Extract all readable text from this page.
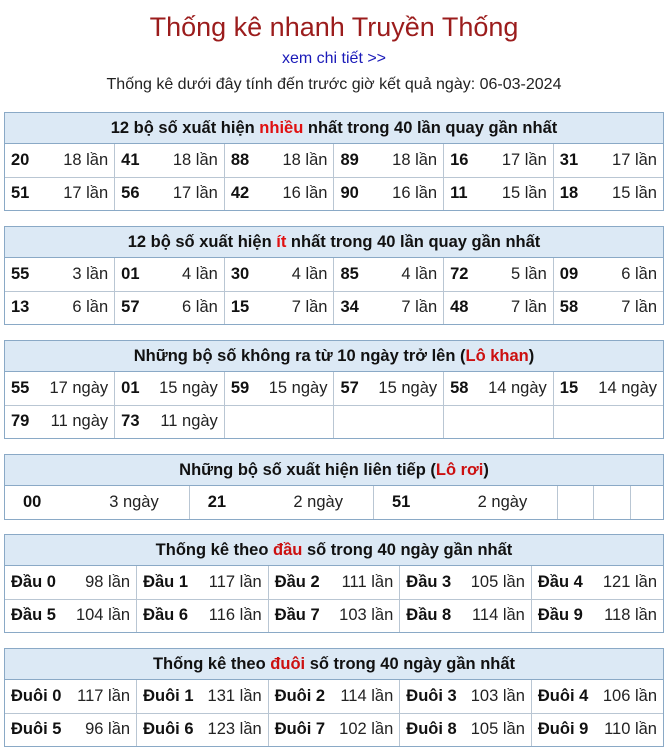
Thống kê nhanh Truyền Thống
xem chi tiết >>
Thống kê dưới đây tính đến trước giờ kết quả ngày: 06-03-2024
12 bộ số xuất hiện nhiều nhất trong 40 lần quay gần nhất
20 18 lần	41 18 lần	88 18 lần	89 18 lần	16 17 lần	31 17 lần

51 17 lần	56 17 lần	42 16 lần	90 16 lần	11 15 lần	18 15 lần
12 bộ số xuất hiện ít nhất trong 40 lần quay gần nhất
55 3 lần	01 4 lần	30 4 lần	85 4 lần	72 5 lần	09 6 lần

13 6 lần	57 6 lần	15 7 lần	34 7 lần	48 7 lần	58 7 lần
Những bộ số không ra từ 10 ngày trở lên (Lô khan)
55 17 ngày	01 15 ngày	59 15 ngày	57 15 ngày	58 14 ngày	15 14 ngày

79 11 ngày	73 11 ngày				

Những bộ số xuất hiện liên tiếp (Lô rơi)
00	3 ngày	21	2 ngày	51	2 ngày

Thống kê theo đầu số trong 40 ngày gần nhất
Đầu 0 98 lần	Đầu 1 117 lần	Đầu 2 111 lần	Đầu 3 105 lần	Đầu 4 121 lần

Đầu 5 104 lần	Đầu 6 116 lần	Đầu 7 103 lần	Đầu 8 114 lần	Đầu 9 118 lần
Thống kê theo đuôi số trong 40 ngày gần nhất
Đuôi 0 117 lần	Đuôi 1 131 lần	Đuôi 2 114 lần	Đuôi 3 103 lần	Đuôi 4 106 lần

Đuôi 5 96 lần	Đuôi 6 123 lần	Đuôi 7 102 lần	Đuôi 8 105 lần	Đuôi 9 110 lần
